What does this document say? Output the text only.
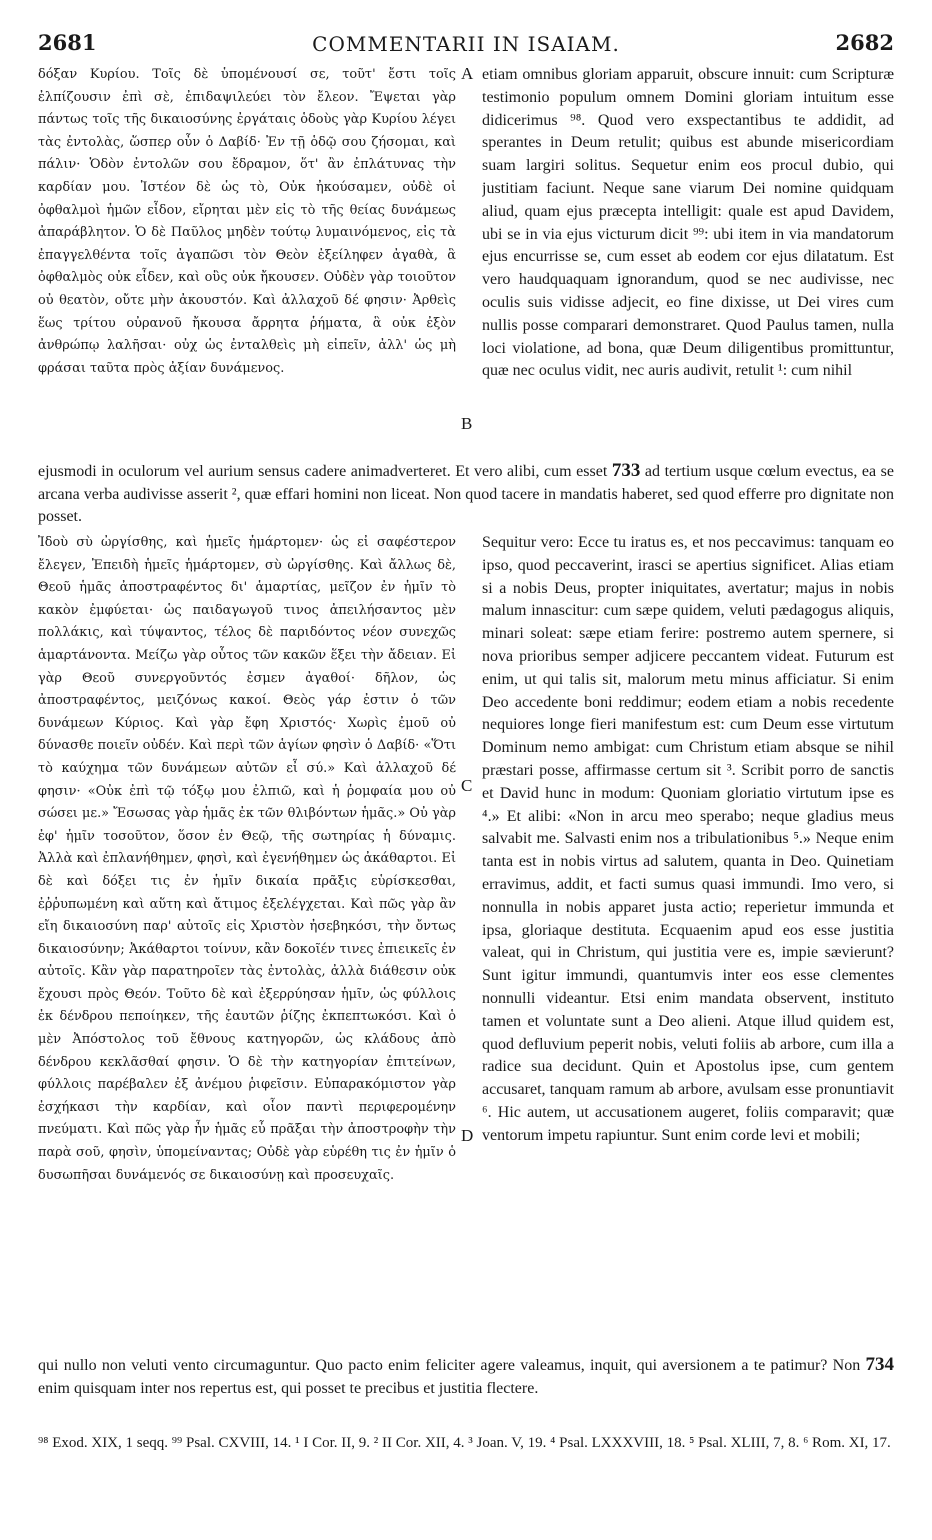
2681	COMMENTARII IN ISAIAM.	2682

δόξαν Κυρίου. Τοῖς δὲ ὑπομένουσί σε, τοῦτ' ἔστι τοῖς ἐλπίζουσιν ἐπὶ σὲ, ἐπιδαψιλεύει τὸν ἔλεον. Ἔψεται γὰρ πάντως τοῖς τῆς δικαιοσύνης ἐργάταις ὁδοὺς γὰρ Κυρίου λέγει τὰς ἐντολὰς, ὥσπερ οὖν ὁ Δαβίδ· Ἐν τῇ ὁδῷ σου ζήσομαι, καὶ πάλιν· Ὁδὸν ἐντολῶν σου ἔδραμον, ὅτ' ἂν ἐπλάτυνας τὴν καρδίαν μου. Ἰστέον δὲ ὡς τὸ, Οὐκ ἠκούσαμεν, οὐδὲ οἱ ὀφθαλμοὶ ἡμῶν εἶδον, εἴρηται μὲν εἰς τὸ τῆς θείας δυνάμεως ἀπαράβλητον. Ὁ δὲ Παῦλος μηδὲν τούτῳ λυμαινόμενος, εἰς τὰ ἐπαγγελθέντα τοῖς ἀγαπῶσι τὸν Θεὸν ἐξείληφεν ἀγαθὰ, ἃ ὀφθαλμὸς οὐκ εἶδεν, καὶ οὓς οὐκ ἤκουσεν. Οὐδὲν γὰρ τοιοῦτον οὐ θεατὸν, οὔτε μὴν ἀκουστόν. Καὶ ἀλλαχοῦ δέ φησιν· Ἀρθεὶς ἕως τρίτου οὐρανοῦ ἤκουσα ἄρρητα ῥήματα, ἃ οὐκ ἐξὸν ἀνθρώπῳ λαλῆσαι· οὐχ ὡς ἐνταλθεὶς μὴ εἰπεῖν, ἀλλ' ὡς μὴ φράσαι ταῦτα πρὸς ἀξίαν δυνάμενος.

A
B

etiam omnibus gloriam apparuit, obscure innuit: cum Scripturæ testimonio populum omnem Domini gloriam intuitum esse didicerimus ⁹⁸. Quod vero exspectantibus te addidit, ad sperantes in Deum retulit; quibus est abunde misericordiam suam largiri solitus. Sequetur enim eos procul dubio, qui justitiam faciunt. Neque sane viarum Dei nomine quidquam aliud, quam ejus præcepta intelligit: quale est apud Davidem, ubi se in via ejus victurum dicit ⁹⁹: ubi item in via mandatorum ejus encurrisse se, cum esset ab eodem cor ejus dilatatum. Est vero haudquaquam ignorandum, quod se nec audivisse, nec oculis suis vidisse adjecit, eo fine dixisse, ut Dei vires cum nullis posse comparari demonstraret. Quod Paulus tamen, nulla loci violatione, ad bona, quæ Deum diligentibus promittuntur, quæ nec oculus vidit, nec auris audivit, retulit ¹: cum nihil

ejusmodi in oculorum vel aurium sensus cadere animadverteret. Et vero alibi, cum esset 733 ad tertium usque cœlum evectus, ea se arcana verba audivisse asserit ², quæ effari homini non liceat. Non quod tacere in mandatis haberet, sed quod efferre pro dignitate non posset.

Ἰδοὺ σὺ ὠργίσθης, καὶ ἡμεῖς ἡμάρτομεν· ὡς εἰ σαφέστερον ἔλεγεν, Ἐπειδὴ ἡμεῖς ἡμάρτομεν, σὺ ὠργίσθης. Καὶ ἄλλως δὲ, Θεοῦ ἡμᾶς ἀποστραφέντος δι' ἁμαρτίας, μεῖζον ἐν ἡμῖν τὸ κακὸν ἐμφύεται· ὡς παιδαγωγοῦ τινος ἀπειλήσαντος μὲν πολλάκις, καὶ τύψαντος, τέλος δὲ παριδόντος νέον συνεχῶς ἁμαρτάνοντα. Μείζω γὰρ οὗτος τῶν κακῶν ἕξει τὴν ἄδειαν. Εἰ γὰρ Θεοῦ συνεργοῦντός ἐσμεν ἀγαθοί· δῆλον, ὡς ἀποστραφέντος, μειζόνως κακοί. Θεὸς γάρ ἐστιν ὁ τῶν δυνάμεων Κύριος. Καὶ γὰρ ἔφη Χριστός· Χωρὶς ἐμοῦ οὐ δύνασθε ποιεῖν οὐδέν. Καὶ περὶ τῶν ἁγίων φησὶν ὁ Δαβίδ· «Ὅτι τὸ καύχημα τῶν δυνάμεων αὐτῶν εἶ σύ.» Καὶ ἀλλαχοῦ δέ φησιν· «Οὐκ ἐπὶ τῷ τόξῳ μου ἐλπιῶ, καὶ ἡ ῥομφαία μου οὐ σώσει με.» Ἔσωσας γὰρ ἡμᾶς ἐκ τῶν θλιβόντων ἡμᾶς.» Οὐ γὰρ ἐφ' ἡμῖν τοσοῦτον, ὅσον ἐν Θεῷ, τῆς σωτηρίας ἡ δύναμις. Ἀλλὰ καὶ ἐπλανήθημεν, φησὶ, καὶ ἐγενήθημεν ὡς ἀκάθαρτοι. Εἰ δὲ καὶ δόξει τις ἐν ἡμῖν δικαία πρᾶξις εὑρίσκεσθαι, ἐῤῥυπωμένη καὶ αὕτη καὶ ἄτιμος ἐξελέγχεται. Καὶ πῶς γὰρ ἂν εἴη δικαιοσύνη παρ' αὐτοῖς εἰς Χριστὸν ἠσεβηκόσι, τὴν ὄντως δικαιοσύνην; Ἀκάθαρτοι τοίνυν, κἂν δοκοῖέν τινες ἐπιεικεῖς ἐν αὐτοῖς. Κἂν γὰρ παρατηροῖεν τὰς ἐντολὰς, ἀλλὰ διάθεσιν οὐκ ἔχουσι πρὸς Θεόν. Τοῦτο δὲ καὶ ἐξερρύησαν ἡμῖν, ὡς φύλλοις ἐκ δένδρου πεποίηκεν, τῆς ἑαυτῶν ῥίζης ἐκπεπτωκόσι. Καὶ ὁ μὲν Ἀπόστολος τοῦ ἔθνους κατηγορῶν, ὡς κλάδους ἀπὸ δένδρου κεκλᾶσθαί φησιν. Ὁ δὲ τὴν κατηγορίαν ἐπιτείνων, φύλλοις παρέβαλεν ἐξ ἀνέμου ῥιφεῖσιν. Εὐπαρακόμιστον γὰρ ἐσχήκασι τὴν καρδίαν, καὶ οἷον παντὶ περιφερομένην πνεύματι. Καὶ πῶς γὰρ ἦν ἡμᾶς εὖ πρᾶξαι τὴν ἀποστροφὴν τὴν παρὰ σοῦ, φησὶν, ὑπομείναντας; Οὐδὲ γὰρ εὑρέθη τις ἐν ἡμῖν ὁ δυσωπῆσαι δυνάμενός σε δικαιοσύνῃ καὶ προσευχαῖς.

C
D

Sequitur vero: Ecce tu iratus es, et nos peccavimus: tanquam eo ipso, quod peccaverint, irasci se apertius significet. Alias etiam si a nobis Deus, propter iniquitates, avertatur; majus in nobis malum innascitur: cum sæpe quidem, veluti pædagogus aliquis, minari soleat: sæpe etiam ferire: postremo autem spernere, si nova prioribus semper adjicere peccantem videat. Futurum est enim, ut qui talis sit, malorum metu minus afficiatur. Si enim Deo accedente boni reddimur; eodem etiam a nobis recedente nequiores longe fieri manifestum est: cum Deum esse virtutum Dominum nemo ambigat: cum Christum etiam absque se nihil præstari posse, affirmasse certum sit ³. Scribit porro de sanctis et David hunc in modum: Quoniam gloriatio virtutum ipse es ⁴.» Et alibi: «Non in arcu meo sperabo; neque gladius meus salvabit me. Salvasti enim nos a tribulationibus ⁵.» Neque enim tanta est in nobis virtus ad salutem, quanta in Deo. Quinetiam erravimus, addit, et facti sumus quasi immundi. Imo vero, si nonnulla in nobis apparet justa actio; reperietur immunda et ipsa, gloriaque destituta. Ecquaenim apud eos esse justitia valeat, qui in Christum, qui justitia vere es, impie sævierunt? Sunt igitur immundi, quantumvis inter eos esse clementes nonnulli videantur. Etsi enim mandata observent, instituto tamen et voluntate sunt a Deo alieni. Atque illud quidem est, quod defluvium peperit nobis, veluti foliis ab arbore, cum illa a radice sua decidunt. Quin et Apostolus ipse, cum gentem accusaret, tanquam ramum ab arbore, avulsam esse pronuntiavit ⁶. Hic autem, ut accusationem augeret, foliis comparavit; quæ ventorum impetu rapiuntur. Sunt enim corde levi et mobili;

qui nullo non veluti vento circumaguntur. Quo pacto enim feliciter agere valeamus, inquit, qui aversionem a te patimur? Non 734 enim quisquam inter nos repertus est, qui posset te precibus et justitia flectere.
⁹⁸ Exod. XIX, 1 seqq. ⁹⁹ Psal. CXVIII, 14. ¹ I Cor. II, 9. ² II Cor. XII, 4. ³ Joan. V, 19. ⁴ Psal. LXXXVIII, 18. ⁵ Psal. XLIII, 7, 8. ⁶ Rom. XI, 17.
